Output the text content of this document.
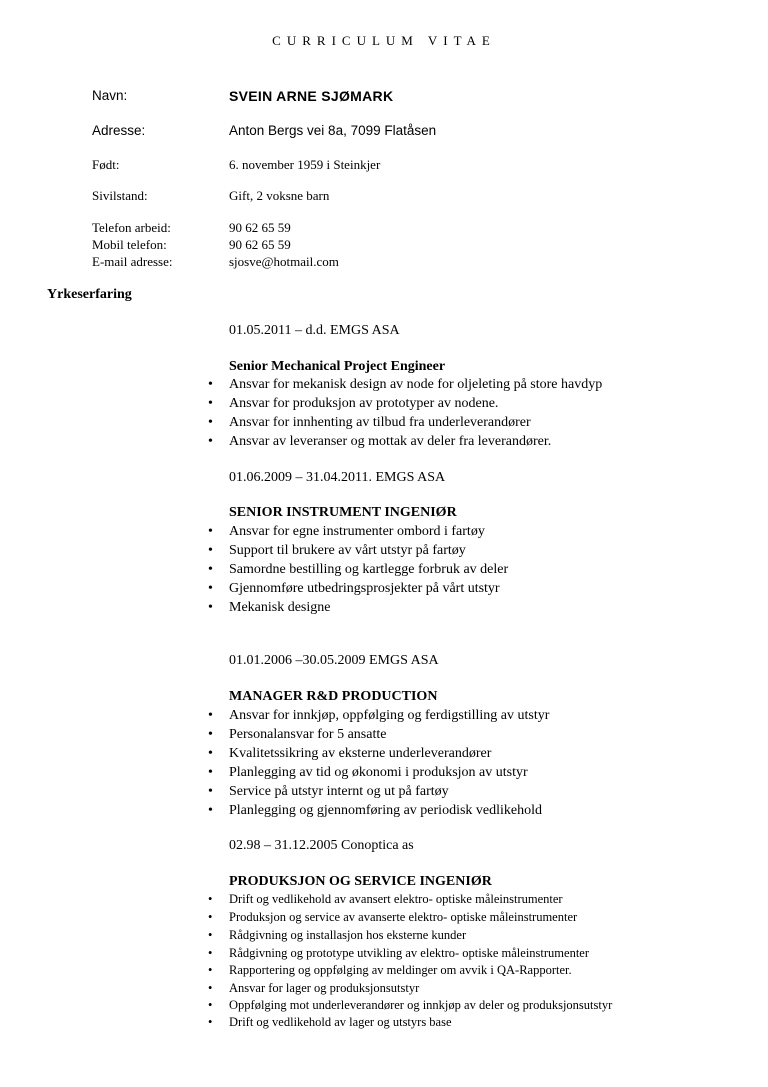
CURRICULUM VITAE
Navn:	SVEIN ARNE SJØMARK
Adresse:	Anton Bergs vei 8a, 7099 Flatåsen
Født:	6. november 1959 i Steinkjer
Sivilstand:	Gift, 2 voksne barn
Telefon arbeid:	90 62 65 59
Mobil telefon:	90 62 65 59
E-mail adresse:	sjosve@hotmail.com
Yrkeserfaring
01.05.2011 – d.d. EMGS ASA
Senior Mechanical Project Engineer
• Ansvar for mekanisk design av node for oljeleting på store havdyp
• Ansvar for produksjon av prototyper av nodene.
• Ansvar for innhenting av tilbud fra underleverandører
• Ansvar av leveranser og mottak av deler fra leverandører.
01.06.2009 – 31.04.2011. EMGS ASA
SENIOR INSTRUMENT INGENIØR
• Ansvar for egne instrumenter ombord i fartøy
• Support til brukere av vårt utstyr på fartøy
• Samordne bestilling og kartlegge forbruk av deler
• Gjennomføre utbedringsprosjekter på vårt utstyr
• Mekanisk designe
01.01.2006 –30.05.2009 EMGS ASA
MANAGER R&D PRODUCTION
• Ansvar for innkjøp, oppfølging og ferdigstilling av utstyr
• Personalansvar for 5 ansatte
• Kvalitetssikring av eksterne underleverandører
• Planlegging av tid og økonomi i produksjon av utstyr
• Service på utstyr internt og ut på fartøy
• Planlegging og gjennomføring av periodisk vedlikehold
02.98 – 31.12.2005 Conoptica as
PRODUKSJON OG SERVICE INGENIØR
• Drift og vedlikehold av avansert elektro- optiske måleinstrumenter
• Produksjon og service av avanserte elektro- optiske måleinstrumenter
• Rådgivning og installasjon hos eksterne kunder
• Rådgivning og prototype utvikling av elektro- optiske måleinstrumenter
• Rapportering og oppfølging av meldinger om avvik i QA-Rapporter.
• Ansvar for lager og produksjonsutstyr
• Oppfølging mot underleverandører og innkjøp av deler og produksjonsutstyr
• Drift og vedlikehold av lager og utstyrs base
